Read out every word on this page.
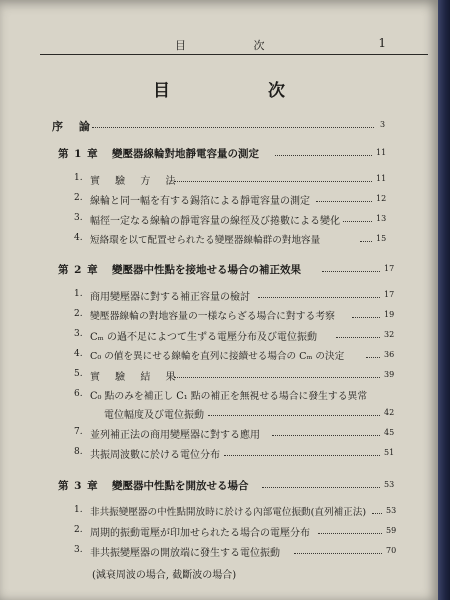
目 次	1
目 次
序 論	3
第 1 章 變壓器線輪對地靜電容量の測定	11
1. 實 驗 方 法	11
2. 線輪と同一幅を有する錫箔による靜電容量の測定	12
3. 幅徑一定なる線輪の靜電容量の線徑及び捲數による變化	13
4. 短絡環を以て配置せられたる變壓器線輪群の對地容量	15
第 2 章 變壓器中性點を接地せる場合の補正效果	17
1. 商用變壓器に對する補正容量の檢討	17
2. 變壓器線輪の對地容量の一様ならざる場合に對する考察	19
3. Cₘ の過不足によつて生ずる電壓分布及び電位振動	32
4. C₀ の値を異にせる線輪を直列に接續せる場合の Cₘ の決定	36
5. 實 驗 結 果	39
6. C₀ 點のみを補正し C₁ 點の補正を無視せる場合に發生する異常
電位幅度及び電位振動	42
7. 並列補正法の商用變壓器に對する應用	45
8. 共振周波數に於ける電位分布	51
第 3 章 變壓器中性點を開放せる場合	53
1. 非共振變壓器の中性點開放時に於ける內部電位振動(直列補正法) 53
2. 周期的振動電壓が印加せられたる場合の電壓分布	59
3. 非共振變壓器の開放端に發生する電位振動	70
(減衰周波の場合, 截斷波の場合)
